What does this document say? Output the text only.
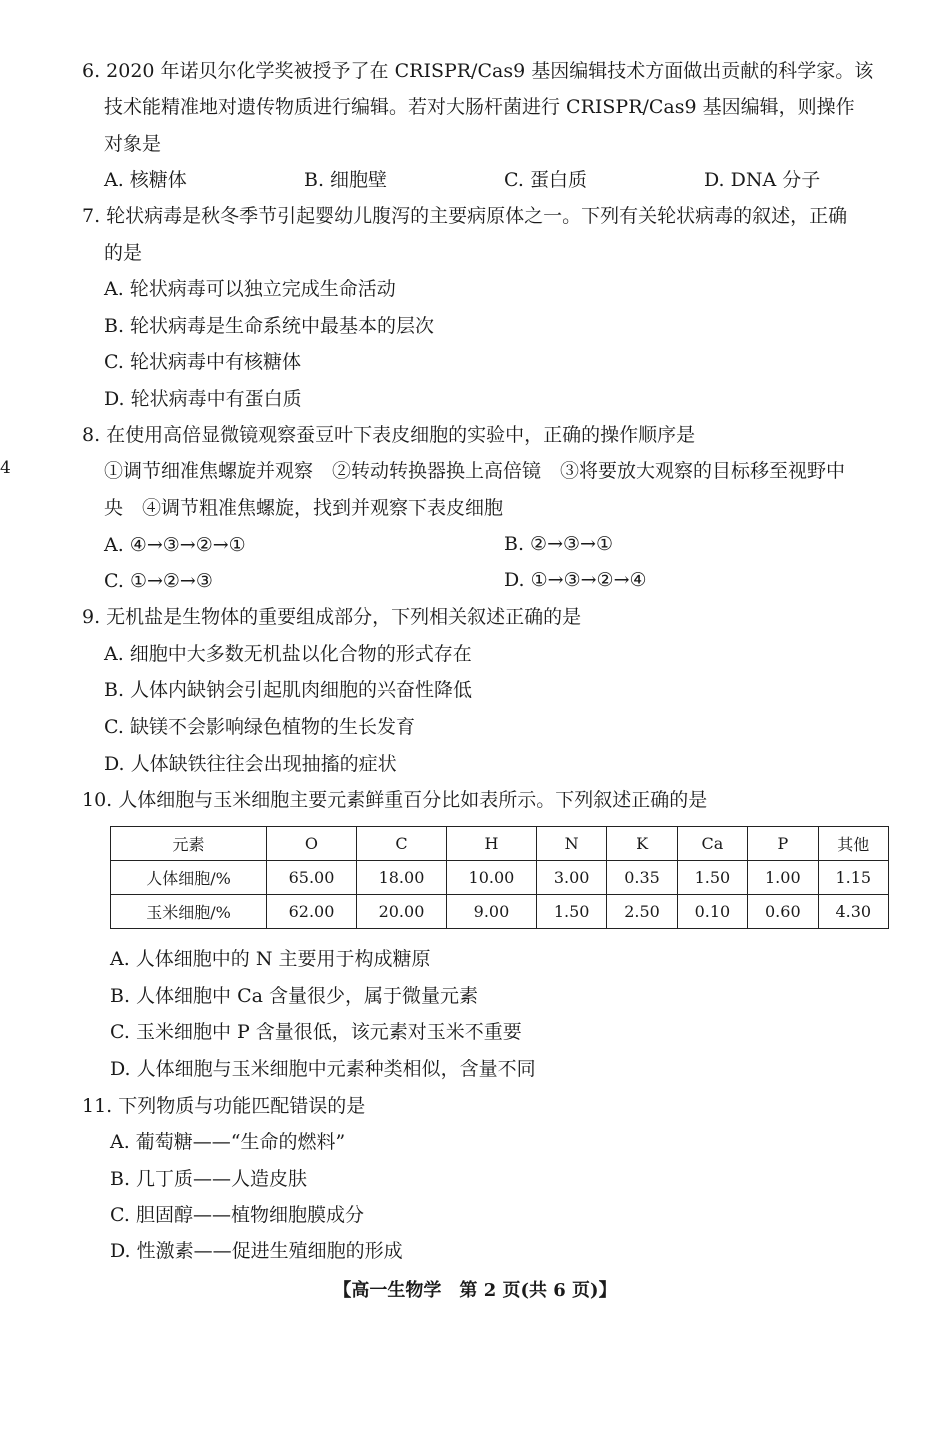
4
6. 2020 年诺贝尔化学奖被授予了在 CRISPR/Cas9 基因编辑技术方面做出贡献的科学家。该
技术能精准地对遗传物质进行编辑。若对大肠杆菌进行 CRISPR/Cas9 基因编辑，则操作
对象是
A. 核糖体	B. 细胞壁	C. 蛋白质	D. DNA 分子
7. 轮状病毒是秋冬季节引起婴幼儿腹泻的主要病原体之一。下列有关轮状病毒的叙述，正确
的是
A. 轮状病毒可以独立完成生命活动
B. 轮状病毒是生命系统中最基本的层次
C. 轮状病毒中有核糖体
D. 轮状病毒中有蛋白质
8. 在使用高倍显微镜观察蚕豆叶下表皮细胞的实验中，正确的操作顺序是
①调节细准焦螺旋并观察　②转动转换器换上高倍镜　③将要放大观察的目标移至视野中
央　④调节粗准焦螺旋，找到并观察下表皮细胞
A. ④→③→②→①	B. ②→③→①
C. ①→②→③	D. ①→③→②→④
9. 无机盐是生物体的重要组成部分，下列相关叙述正确的是
A. 细胞中大多数无机盐以化合物的形式存在
B. 人体内缺钠会引起肌肉细胞的兴奋性降低
C. 缺镁不会影响绿色植物的生长发育
D. 人体缺铁往往会出现抽搐的症状
10. 人体细胞与玉米细胞主要元素鲜重百分比如表所示。下列叙述正确的是
元素	O	C	H	N	K	Ca	P	其他
人体细胞/%	65.00	18.00	10.00	3.00	0.35	1.50	1.00	1.15
玉米细胞/%	62.00	20.00	9.00	1.50	2.50	0.10	0.60	4.30
A. 人体细胞中的 N 主要用于构成糖原
B. 人体细胞中 Ca 含量很少，属于微量元素
C. 玉米细胞中 P 含量很低，该元素对玉米不重要
D. 人体细胞与玉米细胞中元素种类相似，含量不同
11. 下列物质与功能匹配错误的是
A. 葡萄糖——“生命的燃料”
B. 几丁质——人造皮肤
C. 胆固醇——植物细胞膜成分
D. 性激素——促进生殖细胞的形成
【高一生物学　第 2 页(共 6 页)】
